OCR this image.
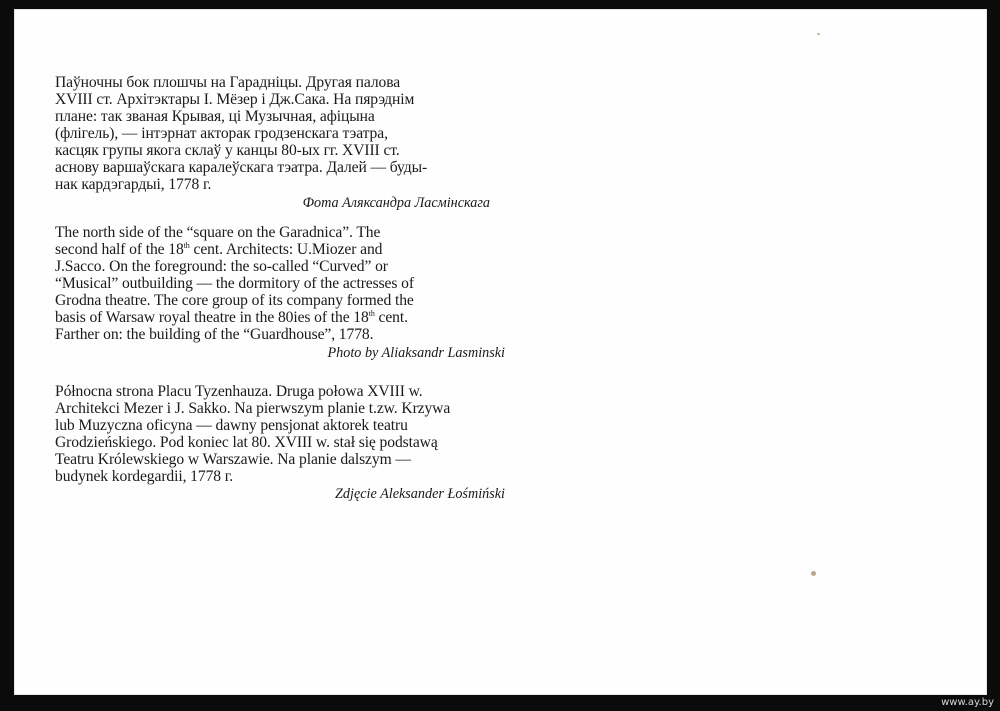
Паўночны бок плошчы на Гарадніцы. Другая палова
XVIII ст. Архітэктары І. Мёзер і Дж.Сака. На пярэднім
плане: так званая Крывая, ці Музычная, афіцына
(флігель), — інтэрнат акторак гродзенскага тэатра,
касцяк групы якога склаў у канцы 80-ых гг. XVIII ст.
аснову варшаўскага каралеўскага тэатра. Далей — буды-
нак кардэгардыі, 1778 г.
Фота Аляксандра Ласмінскага
The north side of the “square on the Garadnica”. The
second half of the 18th cent. Architects: U.Miozer and
J.Sacco. On the foreground: the so-called “Curved” or
“Musical” outbuilding — the dormitory of the actresses of
Grodna theatre. The core group of its company formed the
basis of Warsaw royal theatre in the 80ies of the 18th cent.
Farther on: the building of the “Guardhouse”, 1778.
Photo by Aliaksandr Lasminski
Północna strona Placu Tyzenhauza. Druga połowa XVIII w.
Architekci Mezer i J. Sakko. Na pierwszym planie t.zw. Krzywa
lub Muzyczna oficyna — dawny pensjonat aktorek teatru
Grodzieńskiego. Pod koniec lat 80. XVIII w. stał się podstawą
Teatru Królewskiego w Warszawie. Na planie dalszym —
budynek kordegardii, 1778 г.
Zdjęcie Aleksander Łośmiński
www.ay.by
